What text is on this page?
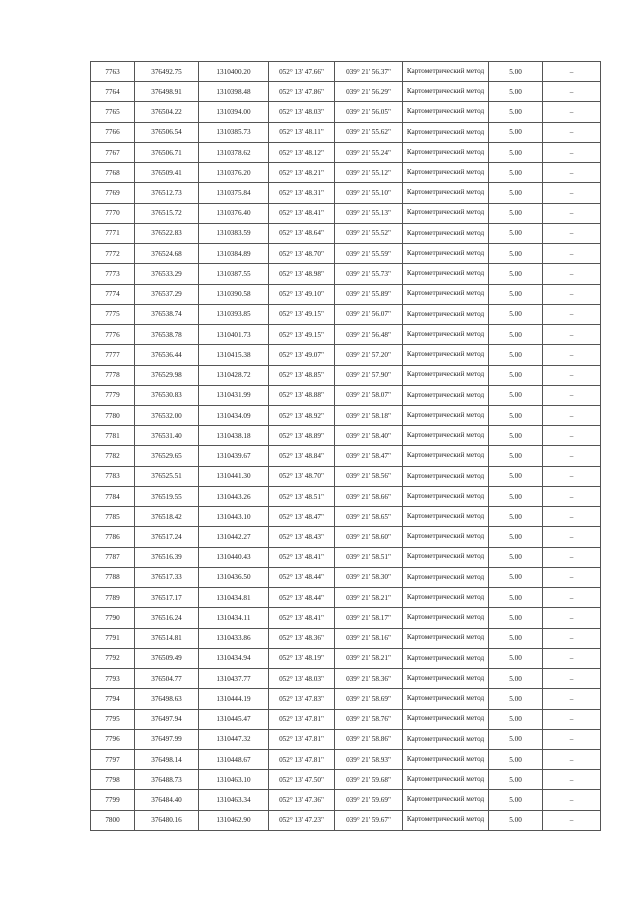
7763	376492.75	1310400.20	052° 13' 47.66"	039° 21' 56.37"	Картометрический метод	5.00	–
7764	376498.91	1310398.48	052° 13' 47.86"	039° 21' 56.29"	Картометрический метод	5.00	–
7765	376504.22	1310394.00	052° 13' 48.03"	039° 21' 56.05"	Картометрический метод	5.00	–
7766	376506.54	1310385.73	052° 13' 48.11"	039° 21' 55.62"	Картометрический метод	5.00	–
7767	376506.71	1310378.62	052° 13' 48.12"	039° 21' 55.24"	Картометрический метод	5.00	–
7768	376509.41	1310376.20	052° 13' 48.21"	039° 21' 55.12"	Картометрический метод	5.00	–
7769	376512.73	1310375.84	052° 13' 48.31"	039° 21' 55.10"	Картометрический метод	5.00	–
7770	376515.72	1310376.40	052° 13' 48.41"	039° 21' 55.13"	Картометрический метод	5.00	–
7771	376522.83	1310383.59	052° 13' 48.64"	039° 21' 55.52"	Картометрический метод	5.00	–
7772	376524.68	1310384.89	052° 13' 48.70"	039° 21' 55.59"	Картометрический метод	5.00	–
7773	376533.29	1310387.55	052° 13' 48.98"	039° 21' 55.73"	Картометрический метод	5.00	–
7774	376537.29	1310390.58	052° 13' 49.10"	039° 21' 55.89"	Картометрический метод	5.00	–
7775	376538.74	1310393.85	052° 13' 49.15"	039° 21' 56.07"	Картометрический метод	5.00	–
7776	376538.78	1310401.73	052° 13' 49.15"	039° 21' 56.48"	Картометрический метод	5.00	–
7777	376536.44	1310415.38	052° 13' 49.07"	039° 21' 57.20"	Картометрический метод	5.00	–
7778	376529.98	1310428.72	052° 13' 48.85"	039° 21' 57.90"	Картометрический метод	5.00	–
7779	376530.83	1310431.99	052° 13' 48.88"	039° 21' 58.07"	Картометрический метод	5.00	–
7780	376532.00	1310434.09	052° 13' 48.92"	039° 21' 58.18"	Картометрический метод	5.00	–
7781	376531.40	1310438.18	052° 13' 48.89"	039° 21' 58.40"	Картометрический метод	5.00	–
7782	376529.65	1310439.67	052° 13' 48.84"	039° 21' 58.47"	Картометрический метод	5.00	–
7783	376525.51	1310441.30	052° 13' 48.70"	039° 21' 58.56"	Картометрический метод	5.00	–
7784	376519.55	1310443.26	052° 13' 48.51"	039° 21' 58.66"	Картометрический метод	5.00	–
7785	376518.42	1310443.10	052° 13' 48.47"	039° 21' 58.65"	Картометрический метод	5.00	–
7786	376517.24	1310442.27	052° 13' 48.43"	039° 21' 58.60"	Картометрический метод	5.00	–
7787	376516.39	1310440.43	052° 13' 48.41"	039° 21' 58.51"	Картометрический метод	5.00	–
7788	376517.33	1310436.50	052° 13' 48.44"	039° 21' 58.30"	Картометрический метод	5.00	–
7789	376517.17	1310434.81	052° 13' 48.44"	039° 21' 58.21"	Картометрический метод	5.00	–
7790	376516.24	1310434.11	052° 13' 48.41"	039° 21' 58.17"	Картометрический метод	5.00	–
7791	376514.81	1310433.86	052° 13' 48.36"	039° 21' 58.16"	Картометрический метод	5.00	–
7792	376509.49	1310434.94	052° 13' 48.19"	039° 21' 58.21"	Картометрический метод	5.00	–
7793	376504.77	1310437.77	052° 13' 48.03"	039° 21' 58.36"	Картометрический метод	5.00	–
7794	376498.63	1310444.19	052° 13' 47.83"	039° 21' 58.69"	Картометрический метод	5.00	–
7795	376497.94	1310445.47	052° 13' 47.81"	039° 21' 58.76"	Картометрический метод	5.00	–
7796	376497.99	1310447.32	052° 13' 47.81"	039° 21' 58.86"	Картометрический метод	5.00	–
7797	376498.14	1310448.67	052° 13' 47.81"	039° 21' 58.93"	Картометрический метод	5.00	–
7798	376488.73	1310463.10	052° 13' 47.50"	039° 21' 59.68"	Картометрический метод	5.00	–
7799	376484.40	1310463.34	052° 13' 47.36"	039° 21' 59.69"	Картометрический метод	5.00	–
7800	376480.16	1310462.90	052° 13' 47.23"	039° 21' 59.67"	Картометрический метод	5.00	–
